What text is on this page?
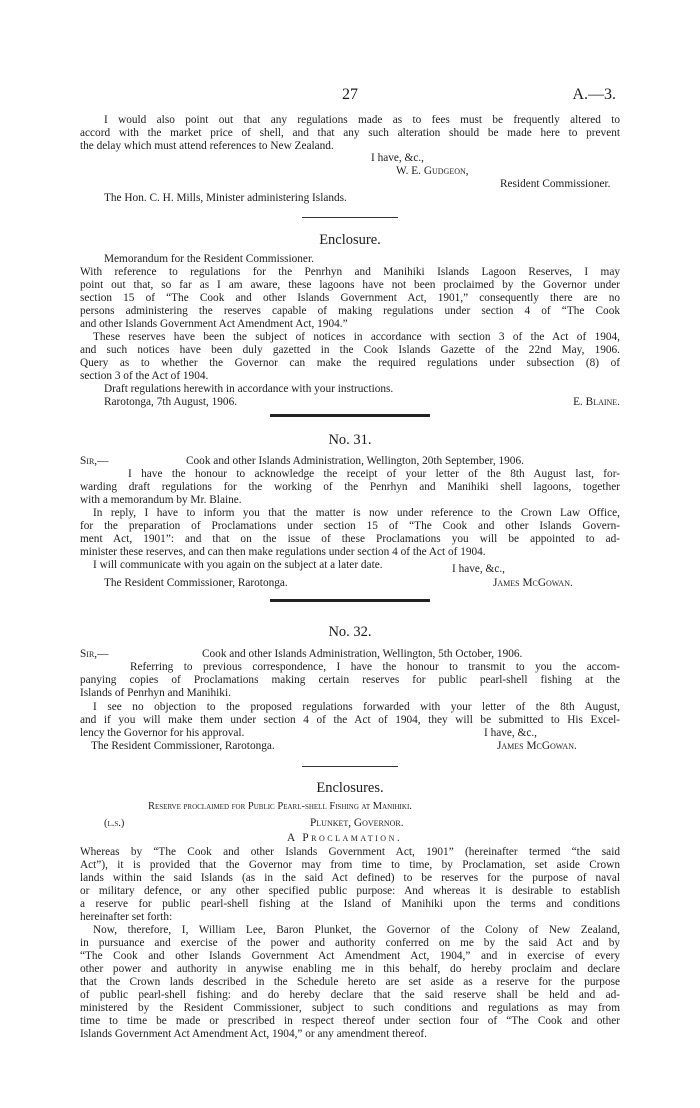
27	A.—3.
I would also point out that any regulations made as to fees must be frequently altered to
accord with the market price of shell, and that any such alteration should be made here to prevent
the delay which must attend references to New Zealand.
I have, &c.,
W. E. Gudgeon,
Resident Commissioner.
The Hon. C. H. Mills, Minister administering Islands.
Enclosure.
Memorandum for the Resident Commissioner.
With reference to regulations for the Penrhyn and Manihiki Islands Lagoon Reserves, I may
point out that, so far as I am aware, these lagoons have not been proclaimed by the Governor under
section 15 of “The Cook and other Islands Government Act, 1901,” consequently there are no
persons administering the reserves capable of making regulations under section 4 of “The Cook
and other Islands Government Act Amendment Act, 1904.”
These reserves have been the subject of notices in accordance with section 3 of the Act of 1904,
and such notices have been duly gazetted in the Cook Islands Gazette of the 22nd May, 1906.
Query as to whether the Governor can make the required regulations under subsection (8) of
section 3 of the Act of 1904.
Draft regulations herewith in accordance with your instructions.
Rarotonga, 7th August, 1906.	E. Blaine.
No. 31.
Sir,—	Cook and other Islands Administration, Wellington, 20th September, 1906.
I have the honour to acknowledge the receipt of your letter of the 8th August last, for-
warding draft regulations for the working of the Penrhyn and Manihiki shell lagoons, together
with a memorandum by Mr. Blaine.
In reply, I have to inform you that the matter is now under reference to the Crown Law Office,
for the preparation of Proclamations under section 15 of “The Cook and other Islands Govern-
ment Act, 1901”: and that on the issue of these Proclamations you will be appointed to ad-
minister these reserves, and can then make regulations under section 4 of the Act of 1904.
I will communicate with you again on the subject at a later date.	I have, &c.,
The Resident Commissioner, Rarotonga.	James McGowan.
No. 32.
Sir,—	Cook and other Islands Administration, Wellington, 5th October, 1906.
Referring to previous correspondence, I have the honour to transmit to you the accom-
panying copies of Proclamations making certain reserves for public pearl-shell fishing at the
Islands of Penrhyn and Manihiki.
I see no objection to the proposed regulations forwarded with your letter of the 8th August,
and if you will make them under section 4 of the Act of 1904, they will be submitted to His Excel-
lency the Governor for his approval.	I have, &c.,
The Resident Commissioner, Rarotonga.	James McGowan.
Enclosures.
Reserve proclaimed for Public Pearl-shell Fishing at Manihiki.
(l.s.)	Plunket, Governor.
A Proclamation.
Whereas by “The Cook and other Islands Government Act, 1901” (hereinafter termed “the said
Act”), it is provided that the Governor may from time to time, by Proclamation, set aside Crown
lands within the said Islands (as in the said Act defined) to be reserves for the purpose of naval
or military defence, or any other specified public purpose: And whereas it is desirable to establish
a reserve for public pearl-shell fishing at the Island of Manihiki upon the terms and conditions
hereinafter set forth:
Now, therefore, I, William Lee, Baron Plunket, the Governor of the Colony of New Zealand,
in pursuance and exercise of the power and authority conferred on me by the said Act and by
“The Cook and other Islands Government Act Amendment Act, 1904,” and in exercise of every
other power and authority in anywise enabling me in this behalf, do hereby proclaim and declare
that the Crown lands described in the Schedule hereto are set aside as a reserve for the purpose
of public pearl-shell fishing: and do hereby declare that the said reserve shall be held and ad-
ministered by the Resident Commissioner, subject to such conditions and regulations as may from
time to time be made or prescribed in respect thereof under section four of “The Cook and other
Islands Government Act Amendment Act, 1904,” or any amendment thereof.
